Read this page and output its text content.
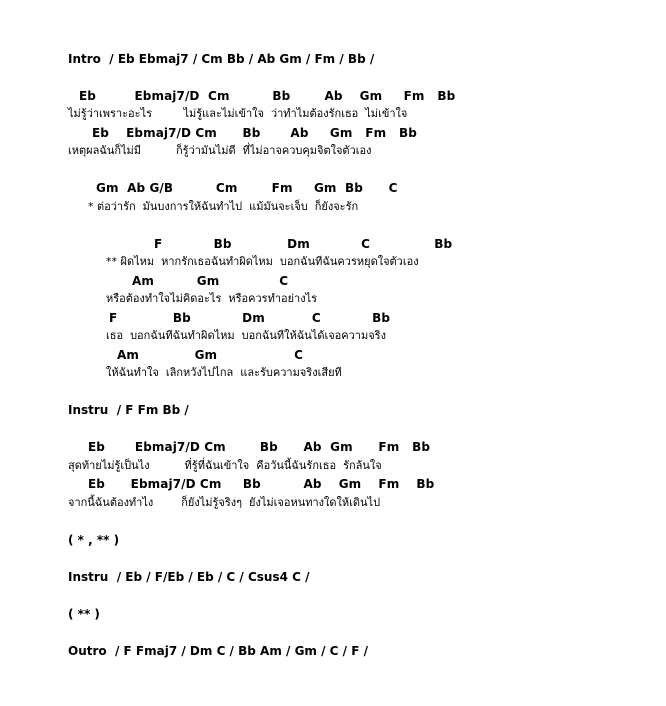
Intro  / Eb Ebmaj7 / Cm Bb / Ab Gm / Fm / Bb /
Eb         Ebmaj7/D  Cm          Bb        Ab    Gm     Fm   Bb
ไม่รู้ว่าเพราะอะไร         ไม่รู้และไม่เข้าใจ  ว่าทำไมต้องรักเธอ  ไม่เข้าใจ
Eb    Ebmaj7/D Cm      Bb       Ab     Gm   Fm   Bb
เหตุผลฉันก็ไม่มี          ก็รู้ว่ามันไม่ดี  ที่ไม่อาจควบคุมจิตใจตัวเอง
Gm  Ab G/B          Cm        Fm     Gm  Bb      C
* ต่อว่ารัก  มันบงการให้ฉันทำไป  แม้มันจะเจ็บ  ก็ยังจะรัก
F            Bb             Dm            C               Bb
** ผิดไหม  หากรักเธอฉันทำผิดไหม  บอกฉันทีฉันควรหยุดใจตัวเอง
Am          Gm              C
หรือต้องทำใจไม่คิดอะไร  หรือควรทำอย่างไร
F             Bb            Dm           C            Bb
เธอ  บอกฉันทีฉันทำผิดไหม  บอกฉันทีให้ฉันได้เจอความจริง
Am             Gm                  C
ให้ฉันทำใจ  เลิกหวังไปไกล  และรับความจริงเสียที
Instru  / F Fm Bb /
Eb       Ebmaj7/D Cm        Bb      Ab  Gm      Fm   Bb
สุดท้ายไม่รู้เป็นไง          ที่รู้ที่ฉันเข้าใจ  คือวันนี้ฉันรักเธอ  รักล้นใจ
Eb      Ebmaj7/D Cm     Bb          Ab    Gm    Fm    Bb
จากนี้ฉันต้องทำไง        ก็ยังไม่รู้จริงๆ  ยังไม่เจอหนทางใดให้เดินไป
( * , ** )
Instru  / Eb / F/Eb / Eb / C / Csus4 C /
( ** )
Outro  / F Fmaj7 / Dm C / Bb Am / Gm / C / F /
